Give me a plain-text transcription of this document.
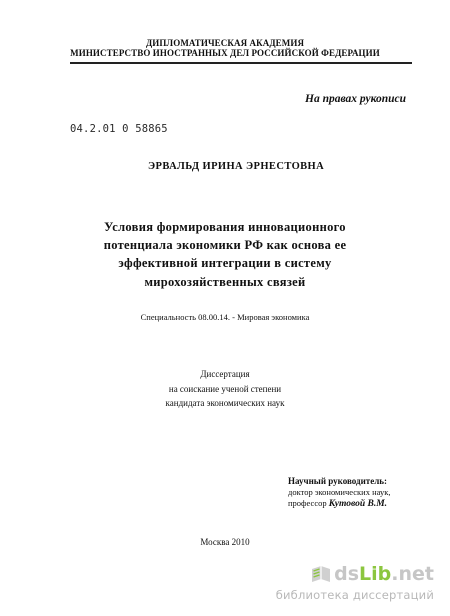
ДИПЛОМАТИЧЕСКАЯ АКАДЕМИЯ
МИНИСТЕРСТВО ИНОСТРАННЫХ ДЕЛ РОССИЙСКОЙ ФЕДЕРАЦИИ
На правах рукописи
04.2.01 0 58865
ЭРВАЛЬД ИРИНА ЭРНЕСТОВНА
Условия формирования инновационного
потенциала экономики РФ как основа ее
эффективной интеграции в систему
мирохозяйственных связей
Специальность 08.00.14. - Мировая экономика
Диссертация
на соискание ученой степени
кандидата экономических наук
Научный руководитель:
доктор экономических наук,
профессор Кутовой В.М.
Москва 2010
dsLib.net
библиотека диссертаций
